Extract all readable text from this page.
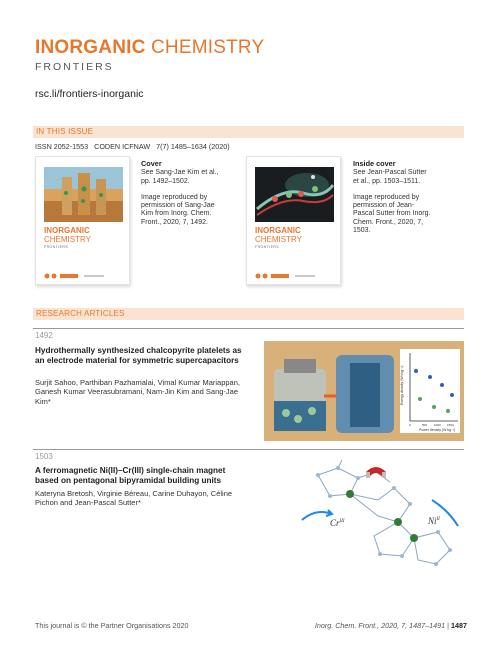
INORGANIC CHEMISTRY
FRONTIERS
rsc.li/frontiers-inorganic
IN THIS ISSUE
ISSN 2052-1553   CODEN ICFNAW   7(7) 1485–1634 (2020)
INORGANIC
CHEMISTRY
FRONTIERS

Cover
See Sang-Jae Kim et al., pp. 1492–1502.

Image reproduced by permission of Sang-Jae Kim from Inorg. Chem. Front., 2020, 7, 1492.

INORGANIC
CHEMISTRY
FRONTIERS

Inside cover
See Jean-Pascal Sutter et al., pp. 1503–1511.

Image reproduced by permission of Jean-Pascal Sutter from Inorg. Chem. Front., 2020, 7, 1503.

RESEARCH ARTICLES
1492
Hydrothermally synthesized chalcopyrite platelets as an electrode material for symmetric supercapacitors
Surjit Sahoo, Parthiban Pazhamalai, Vimal Kumar Mariappan, Ganesh Kumar Veerasubramani, Nam-Jin Kim and Sang-Jae Kim*	Energy density (Wh kg⁻¹)
Power density (W kg⁻¹)
0	500 1000 1500
1503
A ferromagnetic Ni(II)–Cr(III) single-chain magnet based on pentagonal bipyramidal building units
Kateryna Bretosh, Virginie Béreau, Carine Duhayon, Céline Pichon and Jean-Pascal Sutter*
$Cr^{III}$	$Ni^{II}$
This journal is © the Partner Organisations 2020	Inorg. Chem. Front., 2020, 7, 1487–1491 | 1487
